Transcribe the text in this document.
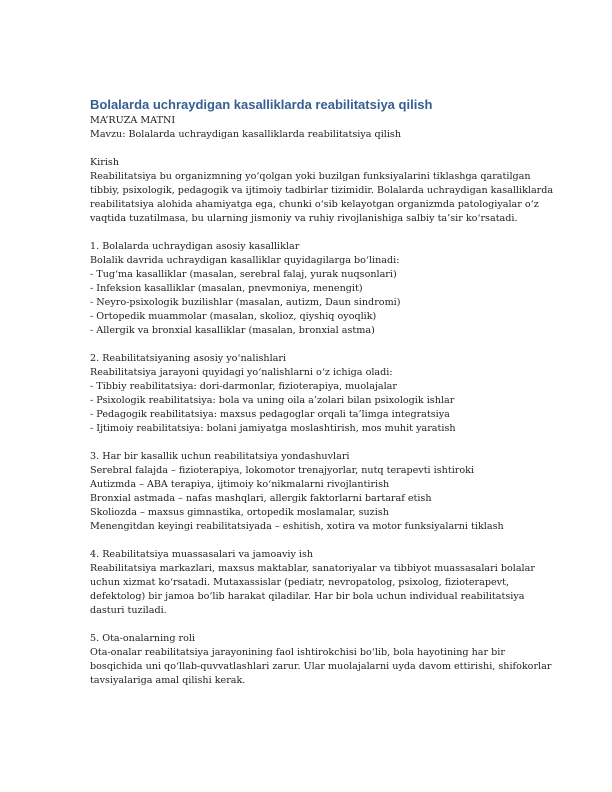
Bolalarda uchraydigan kasalliklarda reabilitatsiya qilish
MA’RUZA MATNI
Mavzu: Bolalarda uchraydigan kasalliklarda reabilitatsiya qilish
Kirish
Reabilitatsiya bu organizmning yo‘qolgan yoki buzilgan funksiyalarini tiklashga qaratilgan
tibbiy, psixologik, pedagogik va ijtimoiy tadbirlar tizimidir. Bolalarda uchraydigan kasalliklarda
reabilitatsiya alohida ahamiyatga ega, chunki o‘sib kelayotgan organizmda patologiyalar o‘z
vaqtida tuzatilmasa, bu ularning jismoniy va ruhiy rivojlanishiga salbiy ta’sir ko‘rsatadi.
1. Bolalarda uchraydigan asosiy kasalliklar
Bolalik davrida uchraydigan kasalliklar quyidagilarga bo‘linadi:
- Tug‘ma kasalliklar (masalan, serebral falaj, yurak nuqsonlari)
- Infeksion kasalliklar (masalan, pnevmoniya, menengit)
- Neyro-psixologik buzilishlar (masalan, autizm, Daun sindromi)
- Ortopedik muammolar (masalan, skolioz, qiyshiq oyoqlik)
- Allergik va bronxial kasalliklar (masalan, bronxial astma)
2. Reabilitatsiyaning asosiy yo‘nalishlari
Reabilitatsiya jarayoni quyidagi yo‘nalishlarni o‘z ichiga oladi:
- Tibbiy reabilitatsiya: dori-darmonlar, fizioterapiya, muolajalar
- Psixologik reabilitatsiya: bola va uning oila a’zolari bilan psixologik ishlar
- Pedagogik reabilitatsiya: maxsus pedagoglar orqali ta’limga integratsiya
- Ijtimoiy reabilitatsiya: bolani jamiyatga moslashtirish, mos muhit yaratish
3. Har bir kasallik uchun reabilitatsiya yondashuvlari
Serebral falajda – fizioterapiya, lokomotor trenajyorlar, nutq terapevti ishtiroki
Autizmda – ABA terapiya, ijtimoiy ko‘nikmalarni rivojlantirish
Bronxial astmada – nafas mashqlari, allergik faktorlarni bartaraf etish
Skoliozda – maxsus gimnastika, ortopedik moslamalar, suzish
Menengitdan keyingi reabilitatsiyada – eshitish, xotira va motor funksiyalarni tiklash
4. Reabilitatsiya muassasalari va jamoaviy ish
Reabilitatsiya markazlari, maxsus maktablar, sanatoriyalar va tibbiyot muassasalari bolalar
uchun xizmat ko‘rsatadi. Mutaxassislar (pediatr, nevropatolog, psixolog, fizioterapevt,
defektolog) bir jamoa bo‘lib harakat qiladilar. Har bir bola uchun individual reabilitatsiya
dasturi tuziladi.
5. Ota-onalarning roli
Ota-onalar reabilitatsiya jarayonining faol ishtirokchisi bo‘lib, bola hayotining har bir
bosqichida uni qo‘llab-quvvatlashlari zarur. Ular muolajalarni uyda davom ettirishi, shifokorlar
tavsiyalariga amal qilishi kerak.
